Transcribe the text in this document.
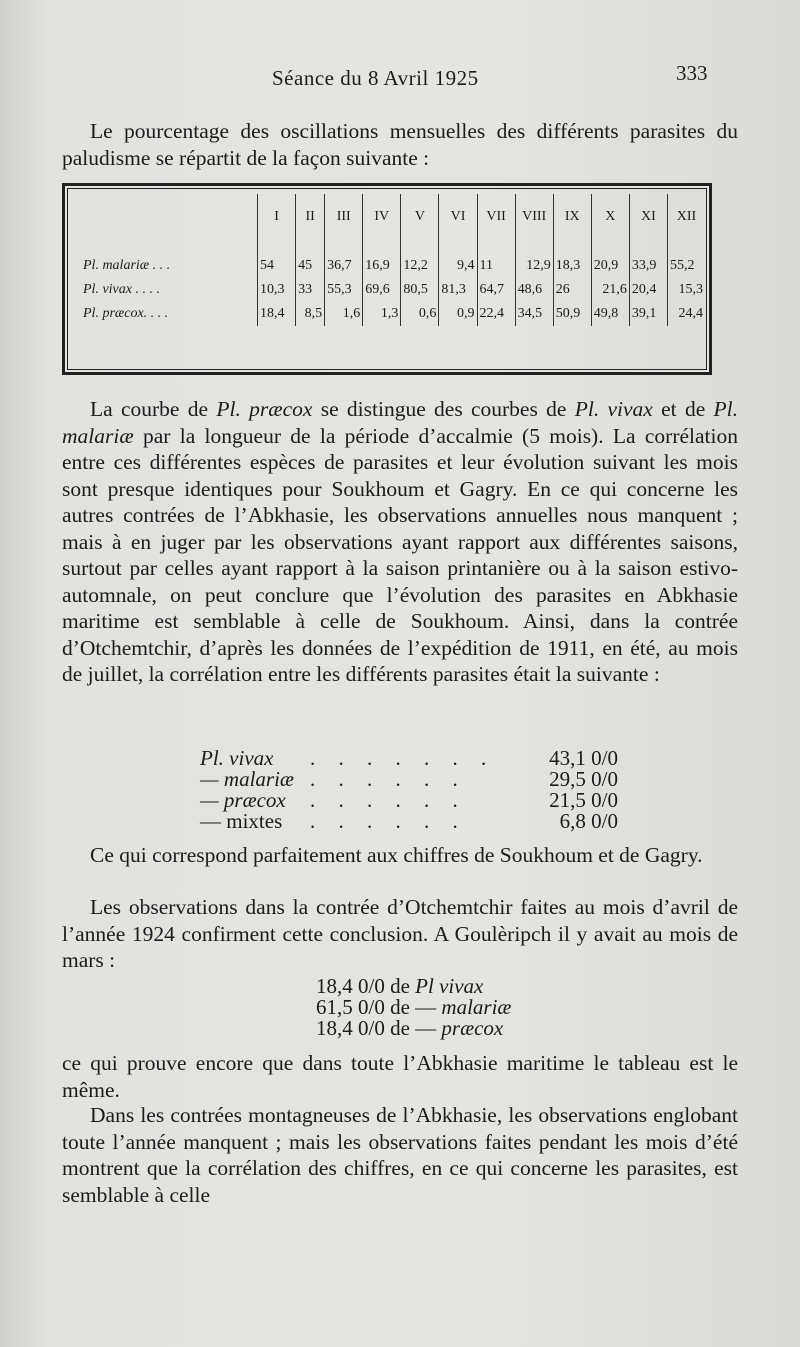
Séance du 8 Avril 1925	333

Le pourcentage des oscillations mensuelles des différents parasites du paludisme se répartit de la façon suivante :

	I	II	III	IV	V	VI	VII	VIII	IX	X	XI	XII

Pl. malariæ . . .	54	45	36,7	16,9	12,2	9,4	11	12,9	18,3	20,9	33,9	55,2
Pl. vivax . . . .	10,3	33	55,3	69,6	80,5	81,3	64,7	48,6	26	21,6	20,4	15,3
Pl. præcox. . . .	18,4	8,5	1,6	1,3	0,6	0,9	22,4	34,5	50,9	49,8	39,1	24,4

La courbe de Pl. præcox se distingue des courbes de Pl. vivax et de Pl. malariæ par la longueur de la période d’accalmie (5 mois). La corrélation entre ces différentes espèces de parasites et leur évolution suivant les mois sont presque identiques pour Soukhoum et Gagry. En ce qui concerne les autres contrées de l’Abkhasie, les observations annuelles nous manquent ; mais à en juger par les observations ayant rapport aux différentes saisons, surtout par celles ayant rapport à la saison printanière ou à la saison estivo-automnale, on peut conclure que l’évolution des parasites en Abkhasie maritime est semblable à celle de Soukhoum. Ainsi, dans la contrée d’Otchemtchir, d’après les données de l’expédition de 1911, en été, au mois de juillet, la corrélation entre les différents parasites était la suivante :

Pl. vivax . . . . . . .	43,1 0/0
— malariæ . . . . . .	29,5 0/0
— præcox . . . . . .	21,5 0/0
— mixtes . . . . . .	6,8 0/0

Ce qui correspond parfaitement aux chiffres de Soukhoum et de Gagry.

Les observations dans la contrée d’Otchemtchir faites au mois d’avril de l’année 1924 confirment cette conclusion. A Goulèripch il y avait au mois de mars :

18,4 0/0 de Pl vivax
61,5 0/0 de — malariæ
18,4 0/0 de — præcox

ce qui prouve encore que dans toute l’Abkhasie maritime le tableau est le même.

Dans les contrées montagneuses de l’Abkhasie, les observations englobant toute l’année manquent ; mais les observations faites pendant les mois d’été montrent que la corrélation des chiffres, en ce qui concerne les parasites, est semblable à celle
